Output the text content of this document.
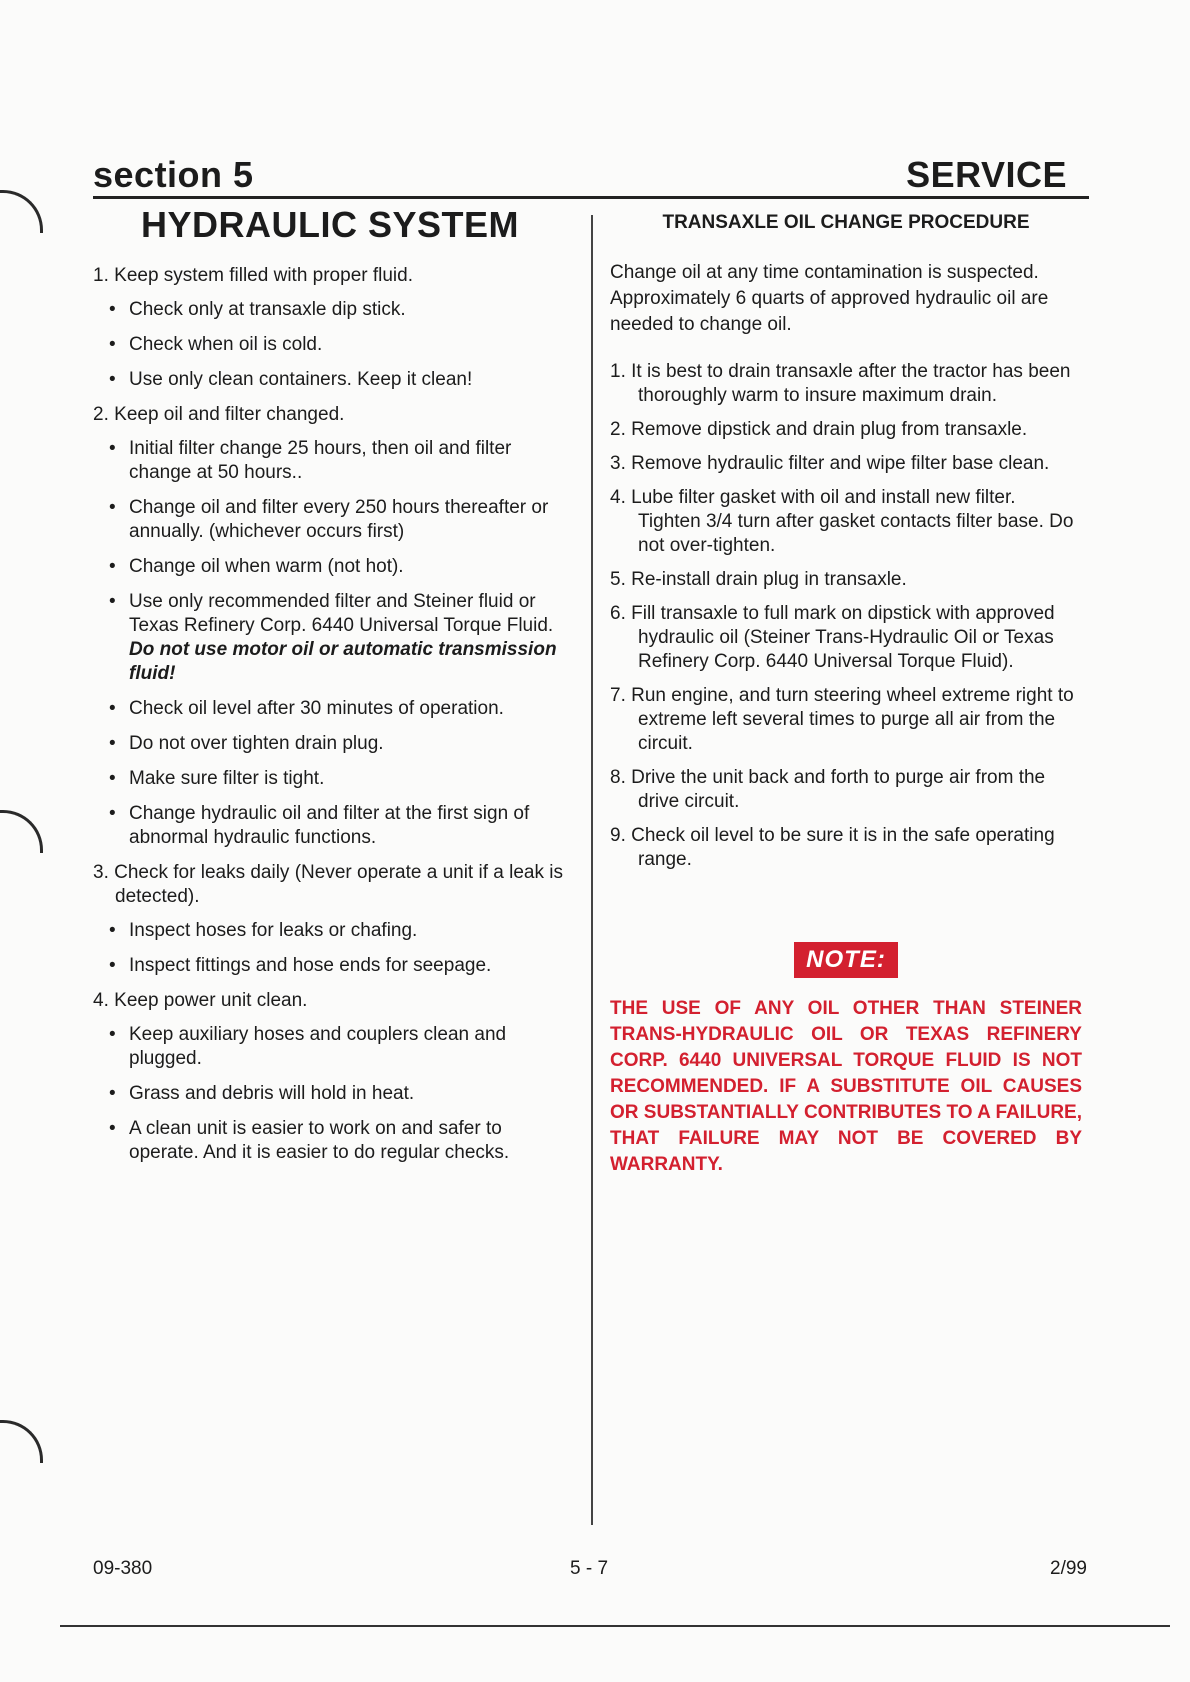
section 5	SERVICE
HYDRAULIC SYSTEM
1. Keep system filled with proper fluid.
• Check only at transaxle dip stick.
• Check when oil is cold.
• Use only clean containers. Keep it clean!
2. Keep oil and filter changed.
• Initial filter change 25 hours, then oil and filter change at 50 hours..
• Change oil and filter every 250 hours thereafter or annually. (whichever occurs first)
• Change oil when warm (not hot).
• Use only recommended filter and Steiner fluid or Texas Refinery Corp. 6440 Universal Torque Fluid. Do not use motor oil or automatic transmission fluid!
• Check oil level after 30 minutes of operation.
• Do not over tighten drain plug.
• Make sure filter is tight.
• Change hydraulic oil and filter at the first sign of abnormal hydraulic functions.
3. Check for leaks daily (Never operate a unit if a leak is detected).
• Inspect hoses for leaks or chafing.
• Inspect fittings and hose ends for seepage.
4. Keep power unit clean.
• Keep auxiliary hoses and couplers clean and plugged.
• Grass and debris will hold in heat.
• A clean unit is easier to work on and safer to operate. And it is easier to do regular checks.
TRANSAXLE OIL CHANGE PROCEDURE
Change oil at any time contamination is suspected. Approximately 6 quarts of approved hydraulic oil are needed to change oil.
1. It is best to drain transaxle after the tractor has been thoroughly warm to insure maximum drain.
2. Remove dipstick and drain plug from transaxle.
3. Remove hydraulic filter and wipe filter base clean.
4. Lube filter gasket with oil and install new filter. Tighten 3/4 turn after gasket contacts filter base. Do not over-tighten.
5. Re-install drain plug in transaxle.
6. Fill transaxle to full mark on dipstick with approved hydraulic oil (Steiner Trans-Hydraulic Oil or Texas Refinery Corp. 6440 Universal Torque Fluid).
7. Run engine, and turn steering wheel extreme right to extreme left several times to purge all air from the circuit.
8. Drive the unit back and forth to purge air from the drive circuit.
9. Check oil level to be sure it is in the safe operating range.
NOTE:
THE USE OF ANY OIL OTHER THAN STEINER TRANS-HYDRAULIC OIL OR TEXAS REFINERY CORP. 6440 UNIVERSAL TORQUE FLUID IS NOT RECOMMENDED. IF A SUBSTITUTE OIL CAUSES OR SUBSTANTIALLY CONTRIBUTES TO A FAILURE, THAT FAILURE MAY NOT BE COVERED BY WARRANTY.
09-380	5 - 7	2/99
